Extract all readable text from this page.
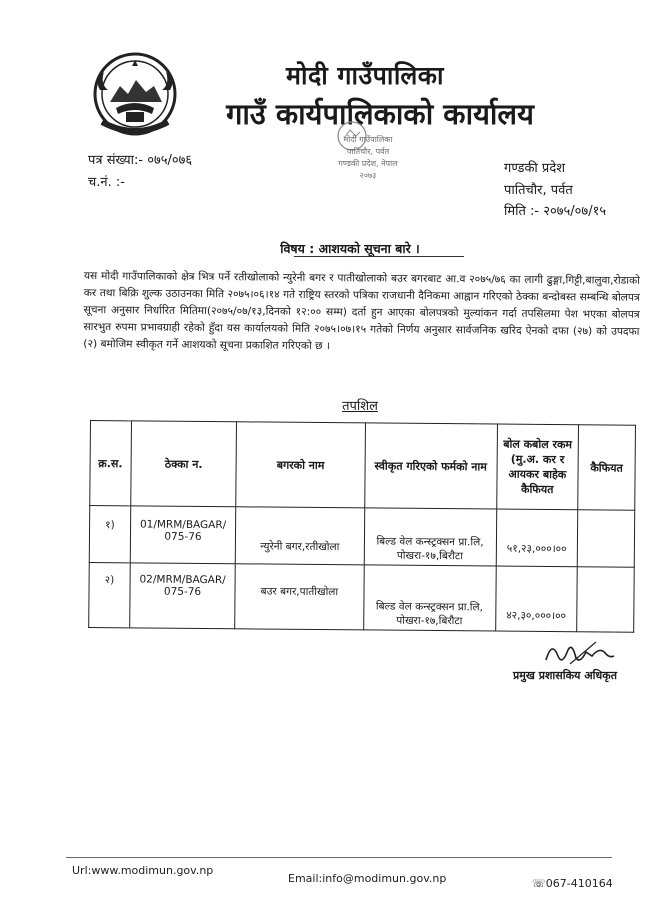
मोदी गाउँपालिका
गाउँ कार्यपालिकाको कार्यालय
मोदी गाउँपालिका
पातिचौर, पर्वत
गण्डकी प्रदेश, नेपाल
२०७३
पत्र संख्या:- ०७५/०७६
च.नं. :-
गण्डकी प्रदेश
पातिचौर, पर्वत
मिति :- २०७५/०७/१५
विषय : आशयको सूचना बारे ।
यस मोदी गाउँपालिकाको क्षेत्र भित्र पर्ने रतीखोलाको न्युरेनी बगर र पातीखोलाको बउर बगरबाट आ.व २०७५/७६ का लागी ढुङ्गा,गिट्टी,बालुवा,रोडाको कर तथा बिक्रि शुल्क उठाउनका मिति २०७५।०६।१४ गते राष्ट्रिय स्तरको पत्रिका राजधानी दैनिकमा आह्वान गरिएको ठेक्का बन्दोबस्त सम्बन्धि बोलपत्र सूचना अनुसार निर्धारित मितिमा(२०७५/०७/१३,दिनको १२:०० सम्म) दर्ता हुन आएका बोलपत्रको मुल्यांकन गर्दा तपसिलमा पेश भएका बोलपत्र सारभुत रुपमा प्रभावग्राही रहेको हुँदा यस कार्यालयको मिति २०७५।०७।१५ गतेको निर्णय अनुसार सार्वजनिक खरिद ऐनको दफा (२७) को उपदफा (२) बमोजिम स्वीकृत गर्ने आशयको सूचना प्रकाशित गरिएको छ ।
तपशिल
क्र.स.	ठेक्का न.	बगरको नाम	स्वीकृत गरिएको फर्मको नाम	बोल कबोल रकम (मु.अ. कर र आयकर बाहेक कैफियत	कैफियत
१)	01/MRM/BAGAR/ 075-76	न्युरेनी बगर,रतीखोला	बिल्ड वेल कन्स्ट्रक्सन प्रा.लि, पोखरा-१७,बिरौटा	५१,२३,०००।००	
२)	02/MRM/BAGAR/ 075-76	बउर बगर,पातीखोला	बिल्ड वेल कन्स्ट्रक्सन प्रा.लि, पोखरा-१७,बिरौटा	४२,३०,०००।००	
प्रमुख प्रशासकिय अधिकृत
Url:www.modimun.gov.np
Email:info@modimun.gov.np	☏067-410164
